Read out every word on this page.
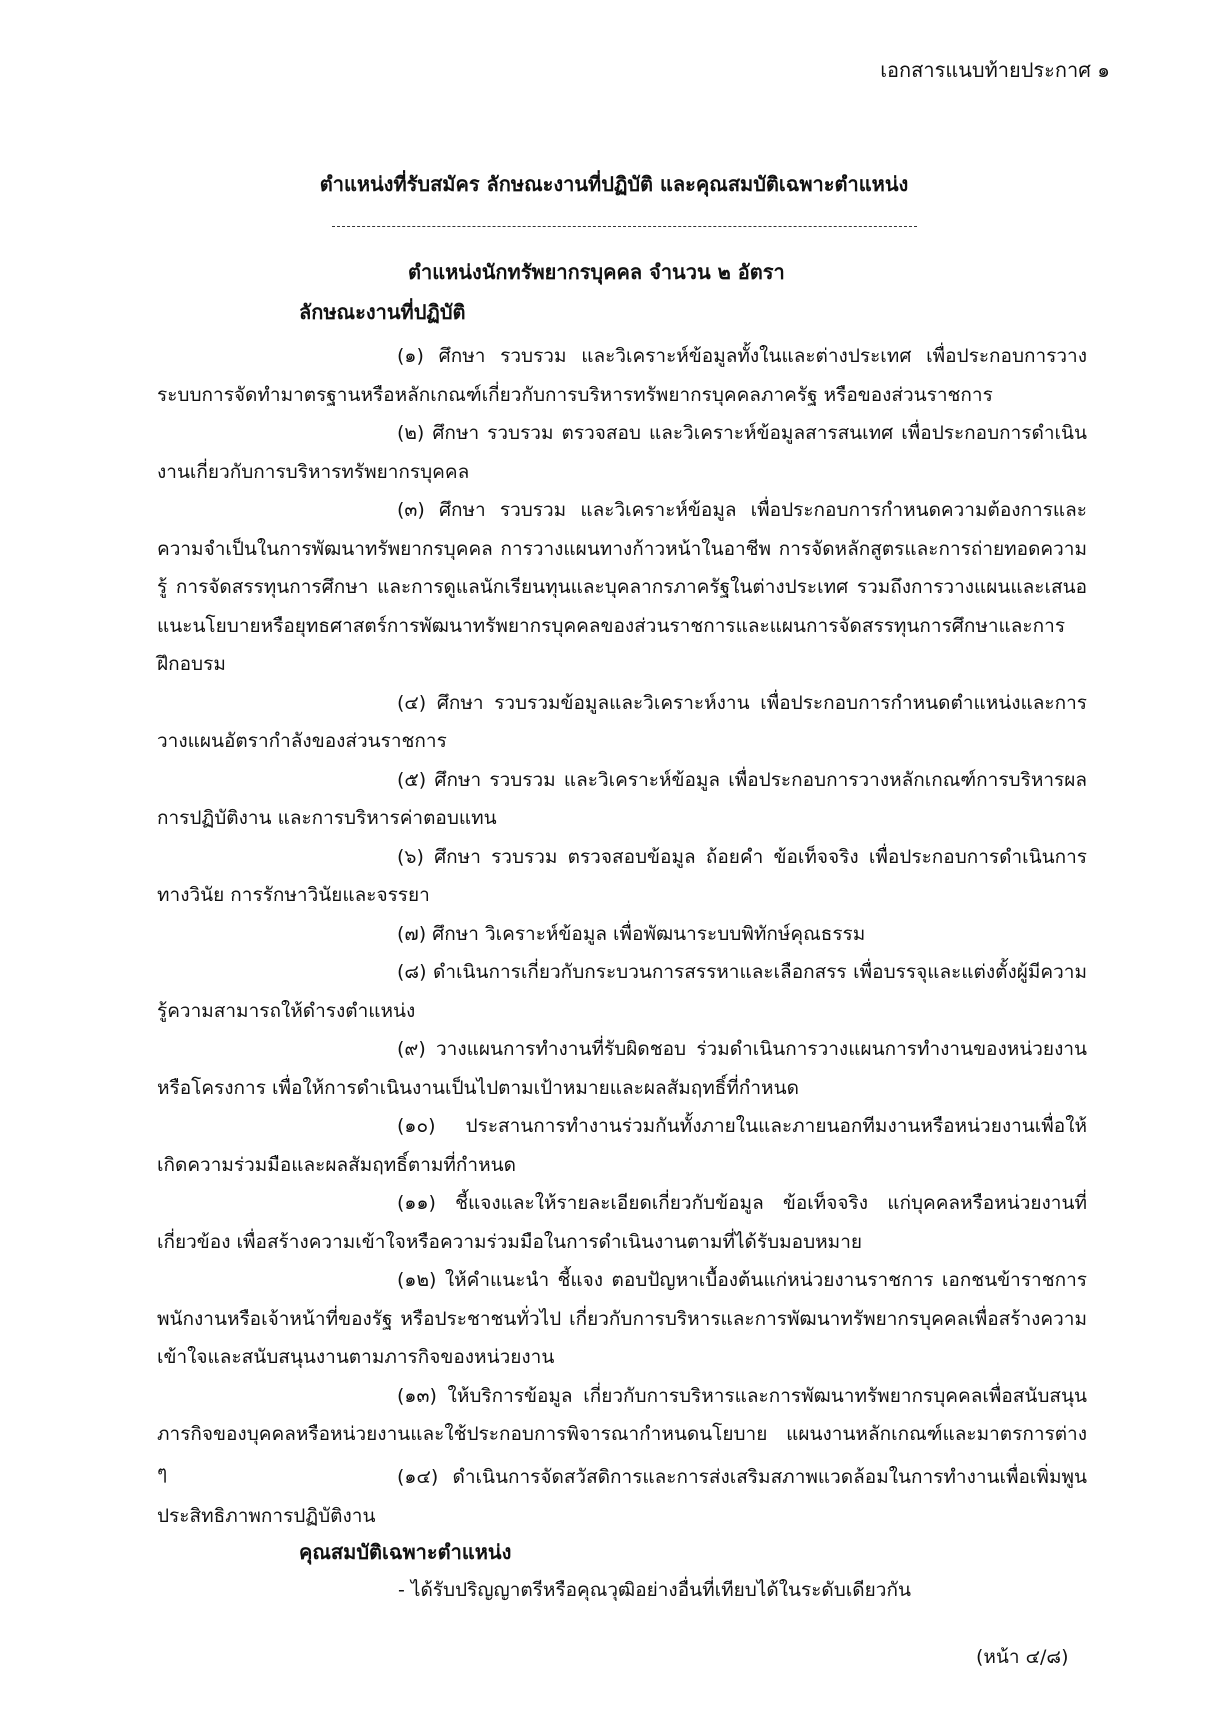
เอกสารแนบท้ายประกาศ ๑
ตำแหน่งที่รับสมัคร ลักษณะงานที่ปฏิบัติ และคุณสมบัติเฉพาะตำแหน่ง
ตำแหน่งนักทรัพยากรบุคคล จำนวน ๒ อัตรา
ลักษณะงานที่ปฏิบัติ

(๑) ศึกษา รวบรวม และวิเคราะห์ข้อมูลทั้งในและต่างประเทศ เพื่อประกอบการวางระบบการจัดทำมาตรฐานหรือหลักเกณฑ์เกี่ยวกับการบริหารทรัพยากรบุคคลภาครัฐ หรือของส่วนราชการ

(๒) ศึกษา รวบรวม ตรวจสอบ และวิเคราะห์ข้อมูลสารสนเทศ เพื่อประกอบการดำเนินงานเกี่ยวกับการบริหารทรัพยากรบุคคล

(๓) ศึกษา รวบรวม และวิเคราะห์ข้อมูล เพื่อประกอบการกำหนดความต้องการและความจำเป็นในการพัฒนาทรัพยากรบุคคล การวางแผนทางก้าวหน้าในอาชีพ การจัดหลักสูตรและการถ่ายทอดความรู้ การจัดสรรทุนการศึกษา และการดูแลนักเรียนทุนและบุคลากรภาครัฐในต่างประเทศ รวมถึงการวางแผนและเสนอแนะนโยบายหรือยุทธศาสตร์การพัฒนาทรัพยากรบุคคลของส่วนราชการและแผนการจัดสรรทุนการศึกษาและการฝึกอบรม

(๔) ศึกษา รวบรวมข้อมูลและวิเคราะห์งาน เพื่อประกอบการกำหนดตำแหน่งและการวางแผนอัตรากำลังของส่วนราชการ

(๕) ศึกษา รวบรวม และวิเคราะห์ข้อมูล เพื่อประกอบการวางหลักเกณฑ์การบริหารผลการปฏิบัติงาน และการบริหารค่าตอบแทน

(๖) ศึกษา รวบรวม ตรวจสอบข้อมูล ถ้อยคำ ข้อเท็จจริง เพื่อประกอบการดำเนินการทางวินัย การรักษาวินัยและจรรยา

(๗) ศึกษา วิเคราะห์ข้อมูล เพื่อพัฒนาระบบพิทักษ์คุณธรรม

(๘) ดำเนินการเกี่ยวกับกระบวนการสรรหาและเลือกสรร เพื่อบรรจุและแต่งตั้งผู้มีความรู้ความสามารถให้ดำรงตำแหน่ง

(๙) วางแผนการทำงานที่รับผิดชอบ ร่วมดำเนินการวางแผนการทำงานของหน่วยงานหรือโครงการ เพื่อให้การดำเนินงานเป็นไปตามเป้าหมายและผลสัมฤทธิ์ที่กำหนด

(๑๐) ประสานการทำงานร่วมกันทั้งภายในและภายนอกทีมงานหรือหน่วยงานเพื่อให้เกิดความร่วมมือและผลสัมฤทธิ์ตามที่กำหนด

(๑๑) ชี้แจงและให้รายละเอียดเกี่ยวกับข้อมูล ข้อเท็จจริง แก่บุคคลหรือหน่วยงานที่เกี่ยวข้อง เพื่อสร้างความเข้าใจหรือความร่วมมือในการดำเนินงานตามที่ได้รับมอบหมาย

(๑๒) ให้คำแนะนำ ชี้แจง ตอบปัญหาเบื้องต้นแก่หน่วยงานราชการ เอกชนข้าราชการ พนักงานหรือเจ้าหน้าที่ของรัฐ หรือประชาชนทั่วไป เกี่ยวกับการบริหารและการพัฒนาทรัพยากรบุคคลเพื่อสร้างความเข้าใจและสนับสนุนงานตามภารกิจของหน่วยงาน

(๑๓) ให้บริการข้อมูล เกี่ยวกับการบริหารและการพัฒนาทรัพยากรบุคคลเพื่อสนับสนุนภารกิจของบุคคลหรือหน่วยงานและใช้ประกอบการพิจารณากำหนดนโยบาย แผนงานหลักเกณฑ์และมาตรการต่าง ๆ	(๑๔) ดำเนินการจัดสวัสดิการและการส่งเสริมสภาพแวดล้อมในการทำงานเพื่อเพิ่มพูนประสิทธิภาพการปฏิบัติงาน

คุณสมบัติเฉพาะตำแหน่ง
- ได้รับปริญญาตรีหรือคุณวุฒิอย่างอื่นที่เทียบได้ในระดับเดียวกัน
(หน้า ๔/๘)
